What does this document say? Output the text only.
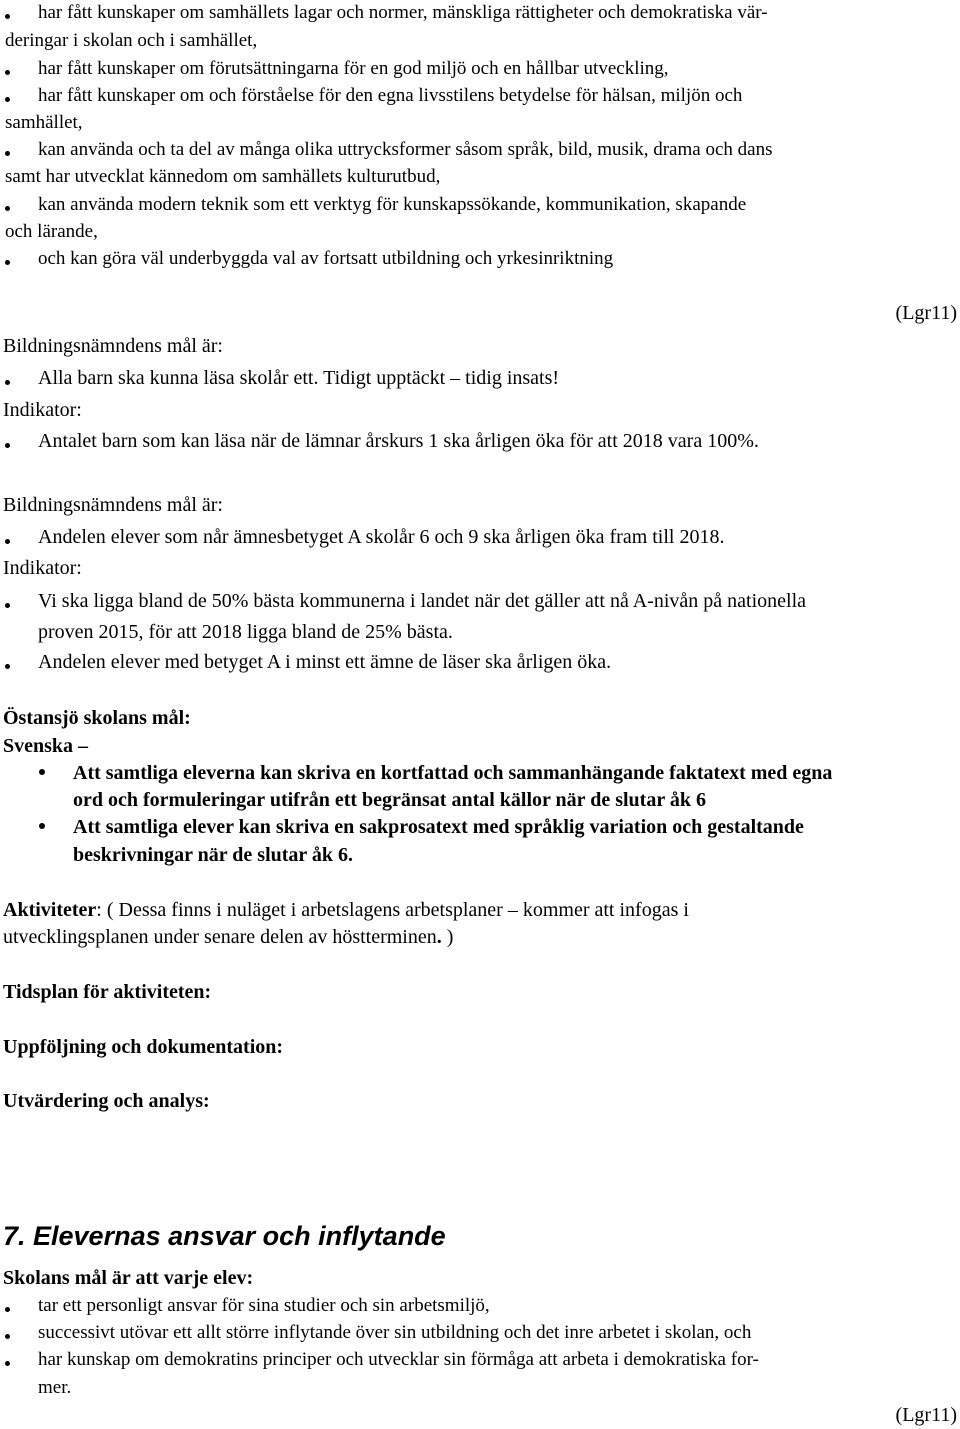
har fått kunskaper om samhällets lagar och normer, mänskliga rättigheter och demokratiska vär-
deringar i skolan och i samhället,
har fått kunskaper om förutsättningarna för en god miljö och en hållbar utveckling,
har fått kunskaper om och förståelse för den egna livsstilens betydelse för hälsan, miljön och
samhället,
kan använda och ta del av många olika uttrycksformer såsom språk, bild, musik, drama och dans
samt har utvecklat kännedom om samhällets kulturutbud,
kan använda modern teknik som ett verktyg för kunskapssökande, kommunikation, skapande
och lärande,
och kan göra väl underbyggda val av fortsatt utbildning och yrkesinriktning
(Lgr11)
Bildningsnämndens mål är:
Alla barn ska kunna läsa skolår ett. Tidigt upptäckt – tidig insats!
Indikator:
Antalet barn som kan läsa när de lämnar årskurs 1 ska årligen öka för att 2018 vara 100%.
Bildningsnämndens mål är:
Andelen elever som når ämnesbetyget A skolår 6 och 9 ska årligen öka fram till 2018.
Indikator:
Vi ska ligga bland de 50% bästa kommunerna i landet när det gäller att nå A-nivån på nationella
proven 2015, för att 2018 ligga bland de 25% bästa.
Andelen elever med betyget A i minst ett ämne de läser ska årligen öka.
Östansjö skolans mål:
Svenska –
Att samtliga eleverna kan skriva en kortfattad och sammanhängande faktatext med egna
ord och formuleringar utifrån ett begränsat antal källor när de slutar åk 6
Att samtliga elever kan skriva en sakprosatext med språklig variation och gestaltande
beskrivningar när de slutar åk 6.
Aktiviteter: ( Dessa finns i nuläget i arbetslagens arbetsplaner – kommer att infogas i
utvecklingsplanen under senare delen av höstterminen. )
Tidsplan för aktiviteten:
Uppföljning och dokumentation:
Utvärdering och analys:
7. Elevernas ansvar och inflytande
Skolans mål är att varje elev:
tar ett personligt ansvar för sina studier och sin arbetsmiljö,
successivt utövar ett allt större inflytande över sin utbildning och det inre arbetet i skolan, och
har kunskap om demokratins principer och utvecklar sin förmåga att arbeta i demokratiska for-
mer.
(Lgr11)
